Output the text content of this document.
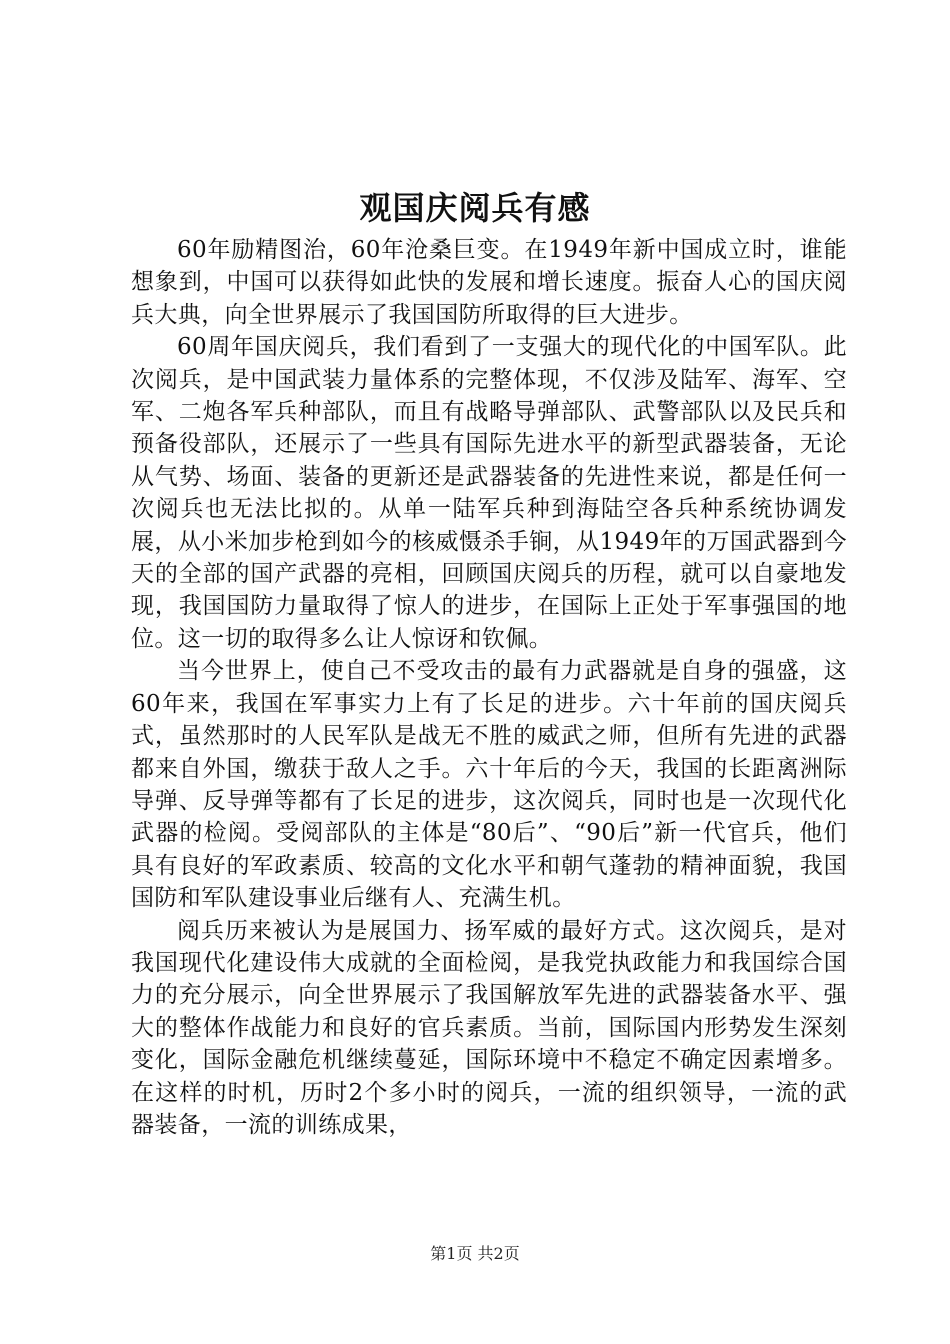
观国庆阅兵有感

60年励精图治，60年沧桑巨变。在1949年新中国成立时，谁能想象到，中国可以获得如此快的发展和增长速度。振奋人心的国庆阅兵大典，向全世界展示了我国国防所取得的巨大进步。

60周年国庆阅兵，我们看到了一支强大的现代化的中国军队。此次阅兵，是中国武装力量体系的完整体现，不仅涉及陆军、海军、空军、二炮各军兵种部队，而且有战略导弹部队、武警部队以及民兵和预备役部队，还展示了一些具有国际先进水平的新型武器装备，无论从气势、场面、装备的更新还是武器装备的先进性来说，都是任何一次阅兵也无法比拟的。从单一陆军兵种到海陆空各兵种系统协调发展，从小米加步枪到如今的核威慑杀手锏，从1949年的万国武器到今天的全部的国产武器的亮相，回顾国庆阅兵的历程，就可以自豪地发现，我国国防力量取得了惊人的进步，在国际上正处于军事强国的地位。这一切的取得多么让人惊讶和钦佩。

当今世界上，使自己不受攻击的最有力武器就是自身的强盛，这60年来，我国在军事实力上有了长足的进步。六十年前的国庆阅兵式，虽然那时的人民军队是战无不胜的威武之师，但所有先进的武器都来自外国，缴获于敌人之手。六十年后的今天，我国的长距离洲际导弹、反导弹等都有了长足的进步，这次阅兵，同时也是一次现代化武器的检阅。受阅部队的主体是“80后”、“90后”新一代官兵，他们具有良好的军政素质、较高的文化水平和朝气蓬勃的精神面貌，我国国防和军队建设事业后继有人、充满生机。

阅兵历来被认为是展国力、扬军威的最好方式。这次阅兵，是对我国现代化建设伟大成就的全面检阅，是我党执政能力和我国综合国力的充分展示，向全世界展示了我国解放军先进的武器装备水平、强大的整体作战能力和良好的官兵素质。当前，国际国内形势发生深刻变化，国际金融危机继续蔓延，国际环境中不稳定不确定因素增多。在这样的时机，历时2个多小时的阅兵，一流的组织领导，一流的武器装备，一流的训练成果，

第1页 共2页
